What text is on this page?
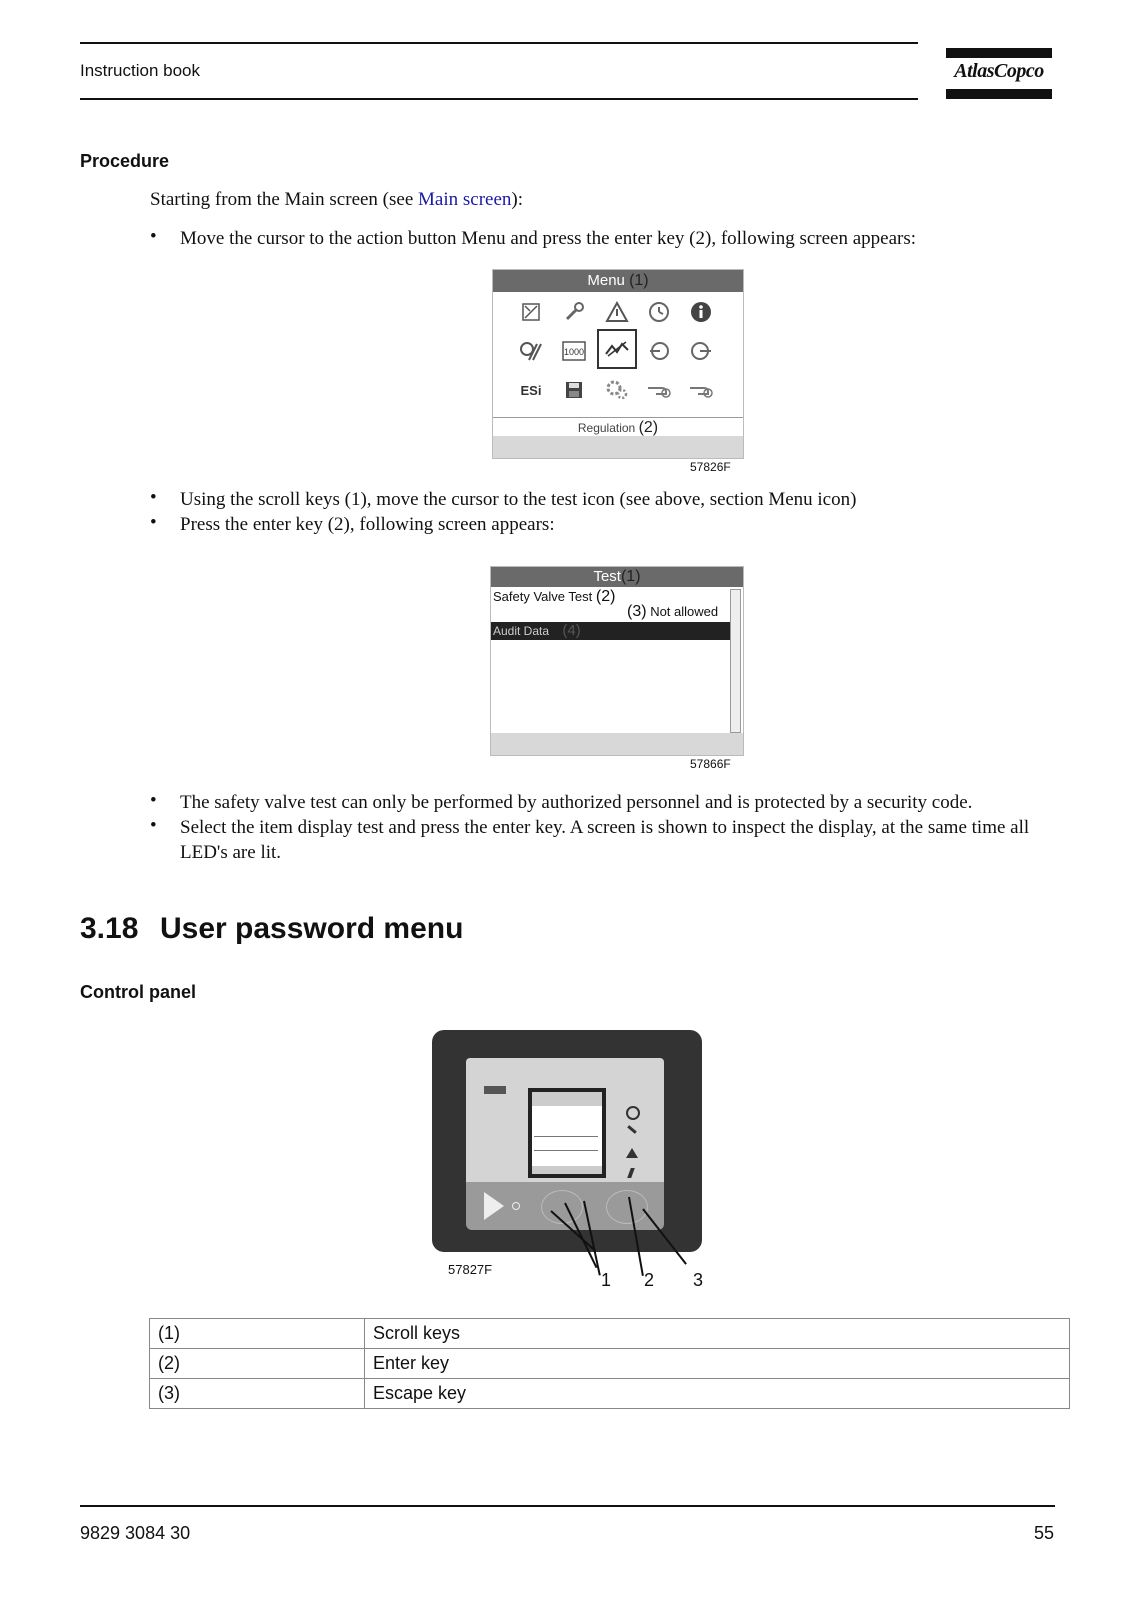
Instruction book	AtlasCopco
Procedure
Starting from the Main screen (see Main screen):
• Move the cursor to the action button Menu and press the enter key (2), following screen appears:
Menu (1)
1000
ESi
Regulation (2)
57826F
• Using the scroll keys (1), move the cursor to the test icon (see above, section Menu icon)
• Press the enter key (2), following screen appears:
Test(1)
Safety Valve Test (2)
(3) Not allowed
Audit Data (4)
57866F
• The safety valve test can only be performed by authorized personnel and is protected by a security code.
• Select the item display test and press the enter key. A screen is shown to inspect the display, at the same time all LED's are lit.
3.18 User password menu
Control panel
57827F
1 2 3
(1)	Scroll keys
(2)	Enter key
(3)	Escape key
9829 3084 30	55
